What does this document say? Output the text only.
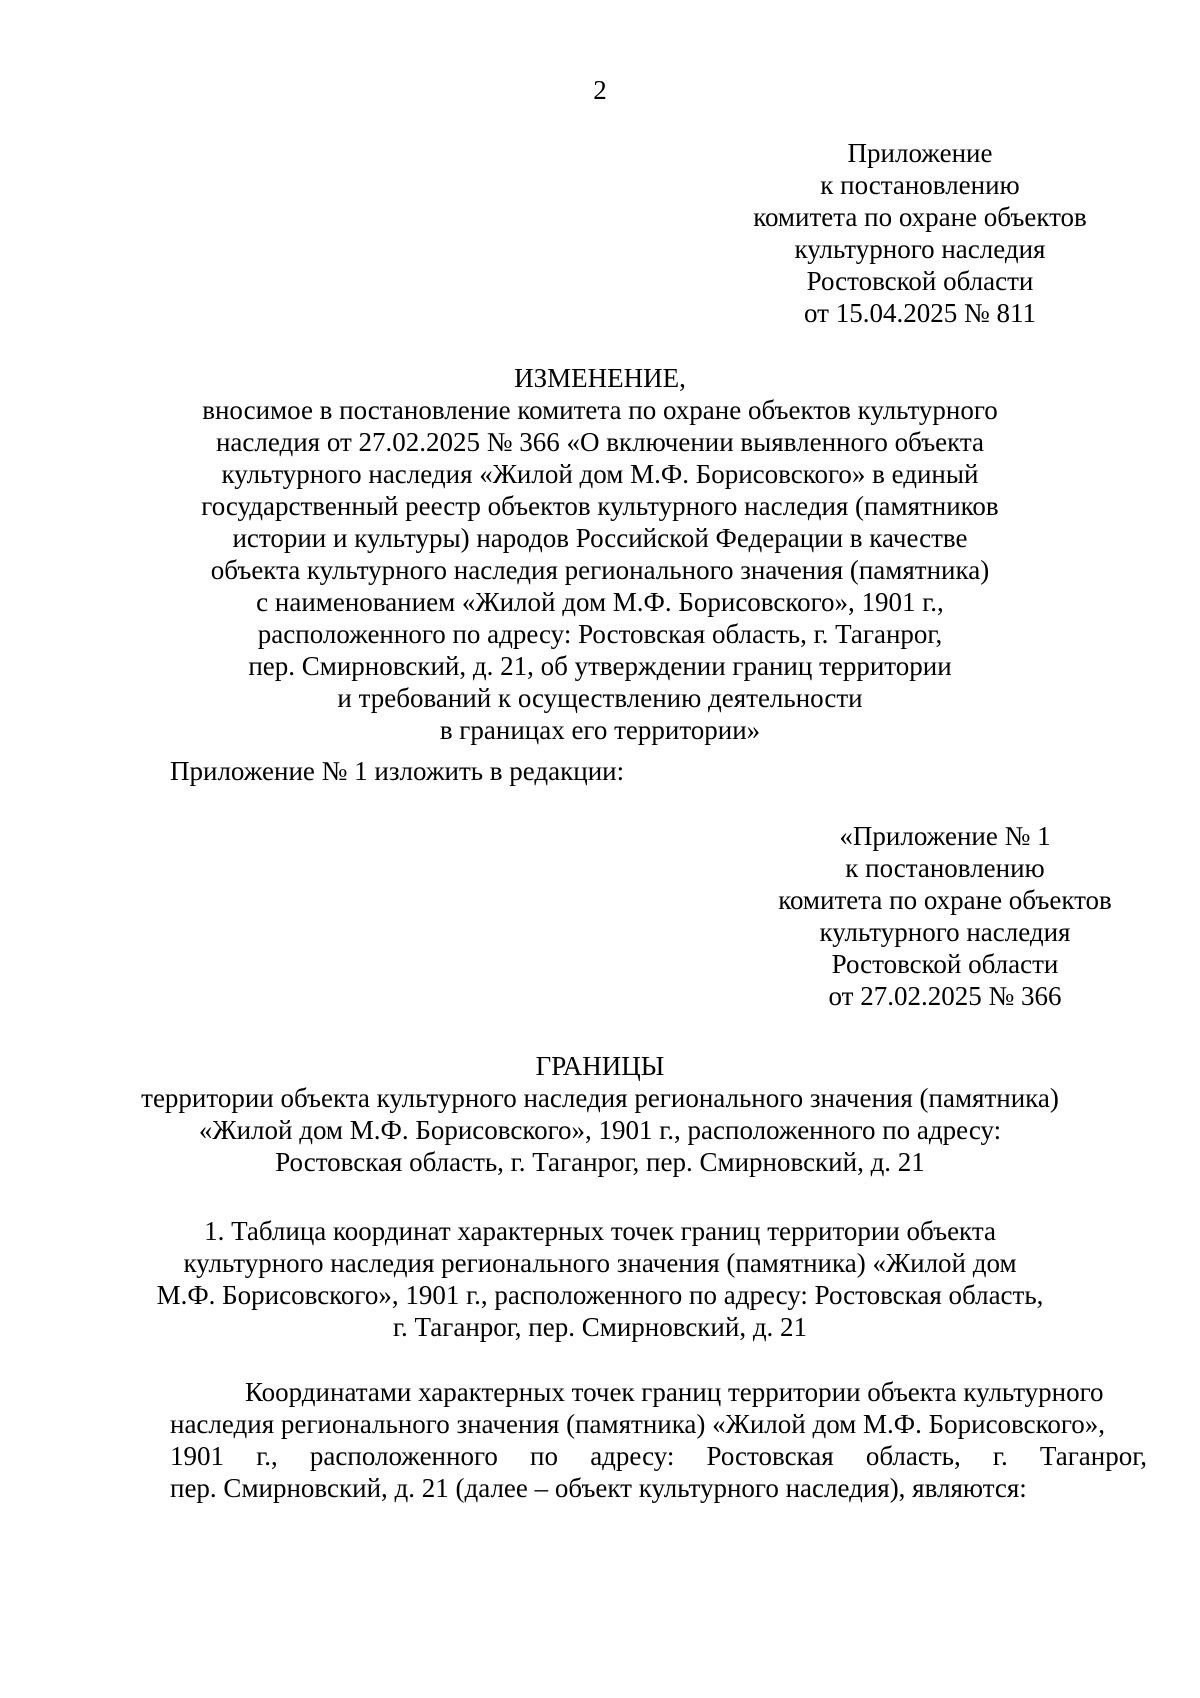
2
Приложение
к постановлению
комитета по охране объектов
культурного наследия
Ростовской области
от 15.04.2025 № 811
ИЗМЕНЕНИЕ,
вносимое в постановление комитета по охране объектов культурного
наследия от 27.02.2025 № 366 «О включении выявленного объекта
культурного наследия «Жилой дом М.Ф. Борисовского» в единый
государственный реестр объектов культурного наследия (памятников
истории и культуры) народов Российской Федерации в качестве
объекта культурного наследия регионального значения (памятника)
с наименованием «Жилой дом М.Ф. Борисовского», 1901 г.,
расположенного по адресу: Ростовская область, г. Таганрог,
пер. Смирновский, д. 21, об утверждении границ территории
и требований к осуществлению деятельности
в границах его территории»
Приложение № 1 изложить в редакции:
«Приложение № 1
к постановлению
комитета по охране объектов
культурного наследия
Ростовской области
от 27.02.2025 № 366
ГРАНИЦЫ
территории объекта культурного наследия регионального значения (памятника)
«Жилой дом М.Ф. Борисовского», 1901 г., расположенного по адресу:
Ростовская область, г. Таганрог, пер. Смирновский, д. 21
1. Таблица координат характерных точек границ территории объекта
культурного наследия регионального значения (памятника) «Жилой дом
М.Ф. Борисовского», 1901 г., расположенного по адресу: Ростовская область,
г. Таганрог, пер. Смирновский, д. 21
Координатами характерных точек границ территории объекта культурного
наследия регионального значения (памятника) «Жилой дом М.Ф. Борисовского»,
1901 г., расположенного по адресу: Ростовская область, г. Таганрог,
пер. Смирновский, д. 21 (далее – объект культурного наследия), являются:
